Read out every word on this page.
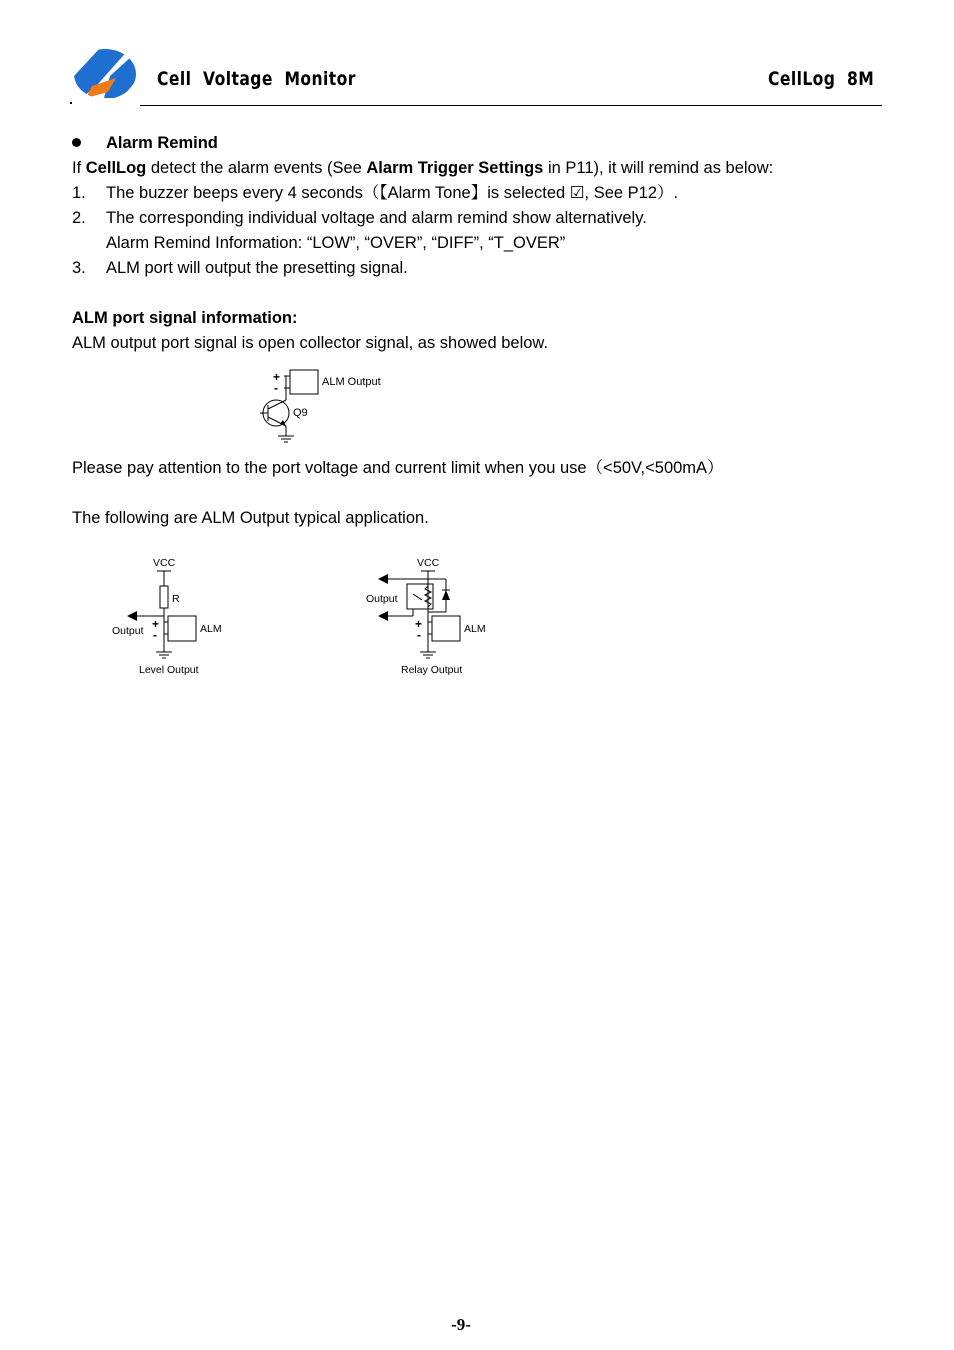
Cell  Voltage  Monitor	CellLog  8M
Alarm Remind
If CellLog detect the alarm events (See Alarm Trigger Settings in P11), it will remind as below:
1. The buzzer beeps every 4 seconds（【Alarm Tone】is selected ☑, See P12）.
2. The corresponding individual voltage and alarm remind show alternatively.
Alarm Remind Information: “LOW”, “OVER”, “DIFF”, “T_OVER”
3. ALM port will output the presetting signal.
ALM port signal information:
ALM output port signal is open collector signal, as showed below.
+
-	ALM Output
Q9
Please pay attention to the port voltage and current limit when you use（<50V,<500mA）
The following are ALM Output typical application.
VCC
R
Output +
-	ALM
Level Output
VCC
Output
+
-	ALM
Relay Output
-9-
